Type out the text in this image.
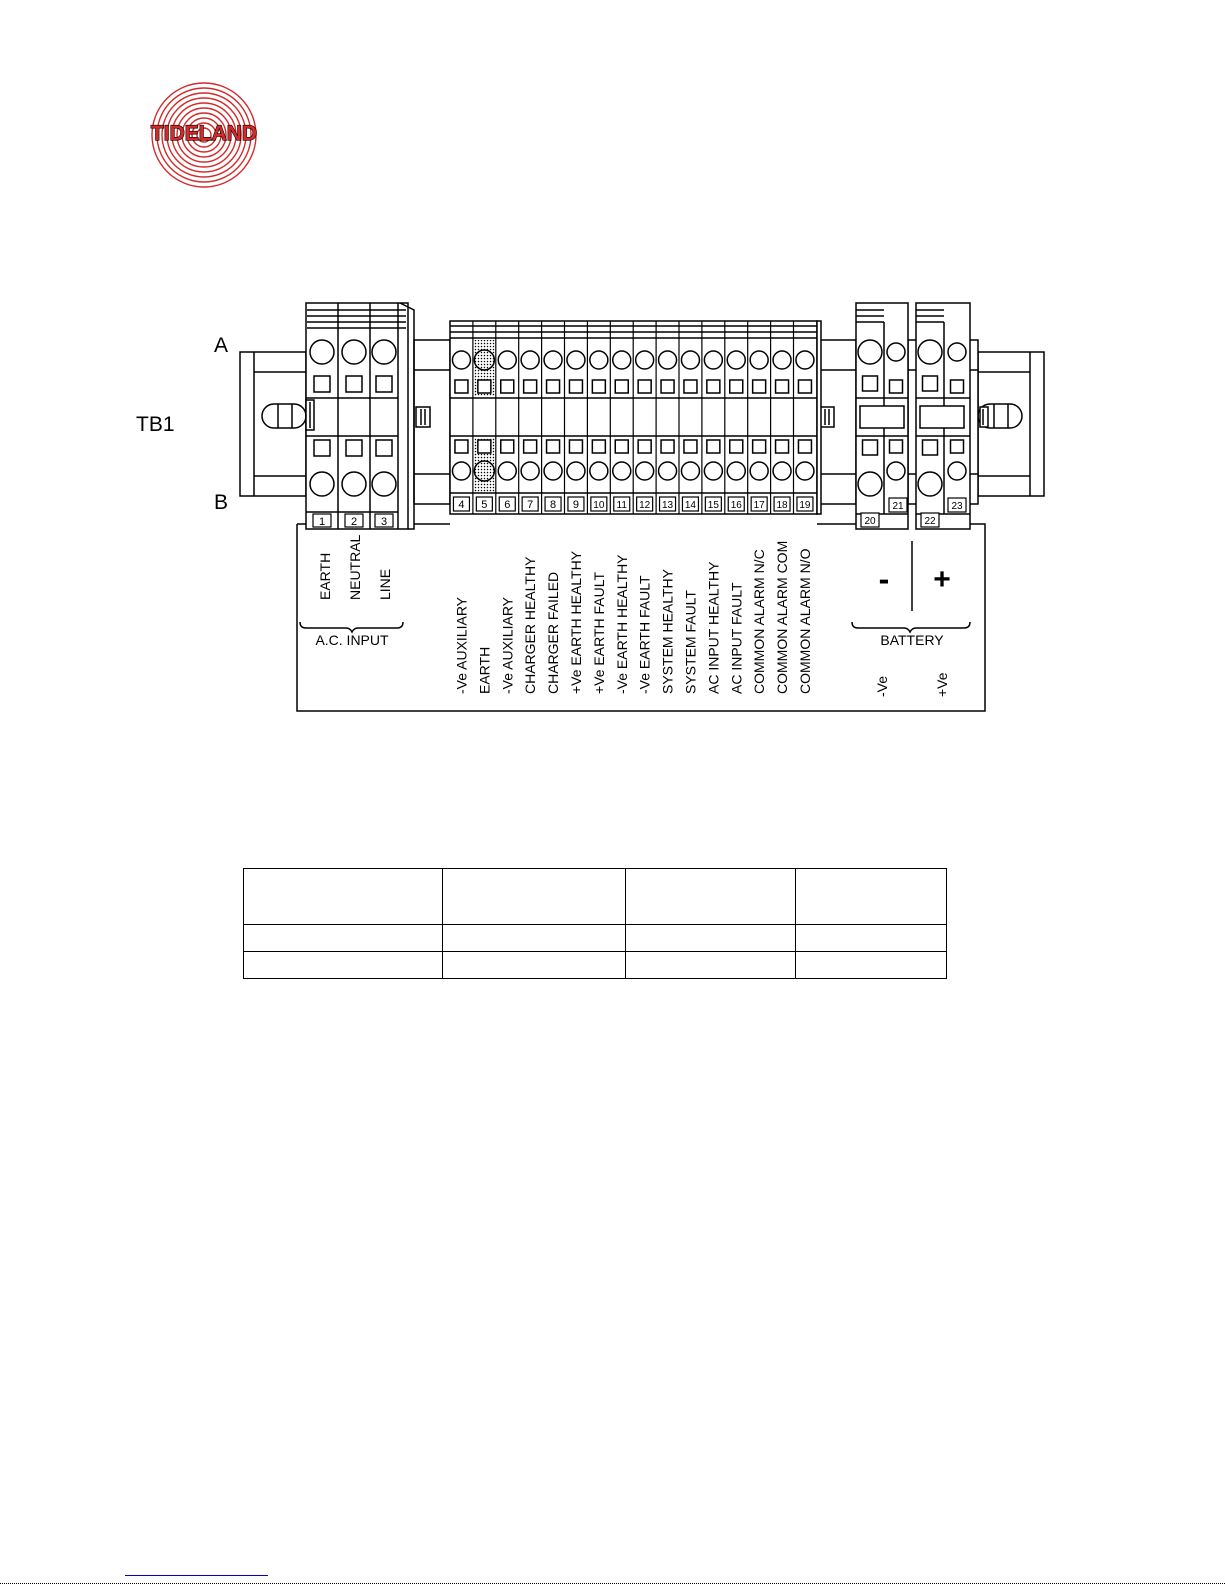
TIDELAND
1
EARTH
2
NEUTRAL
3
LINE
4
-Ve AUXILIARY
5
EARTH
6
-Ve AUXILIARY
7
CHARGER HEALTHY
8
CHARGER FAILED
9
+Ve EARTH HEALTHY
10
+Ve EARTH FAULT
11
-Ve EARTH HEALTHY
12
-Ve EARTH FAULT
13
SYSTEM HEALTHY
14
SYSTEM FAULT
15
AC INPUT HEALTHY
16
AC INPUT FAULT
17
COMMON ALARM N/C
18
COMMON ALARM COM
19
COMMON ALARM N/O
20
-Ve
21
22
+Ve
23
A
B
TB1
A.C. INPUT	BATTERY
- +
